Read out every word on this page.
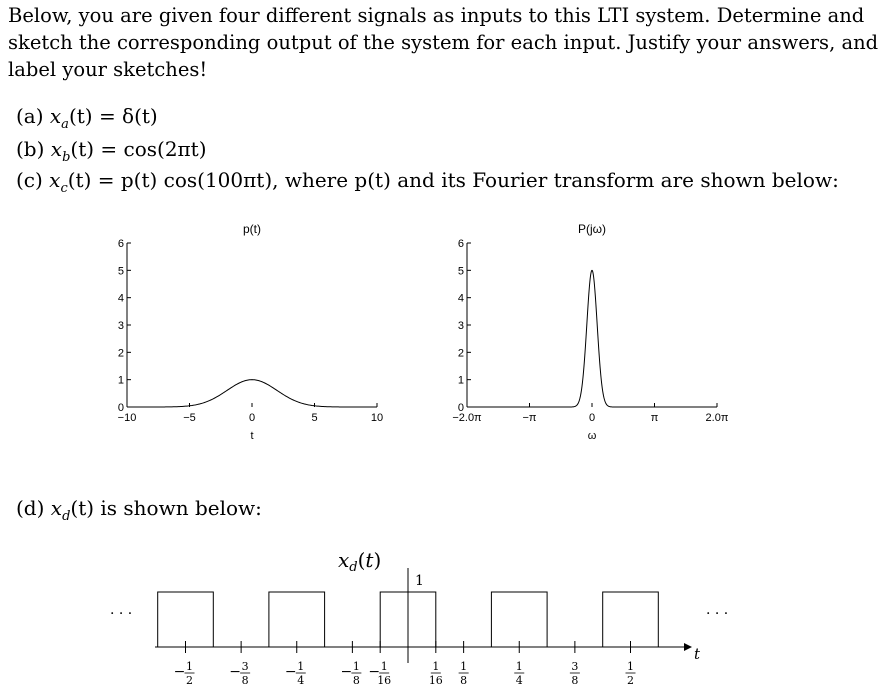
Below, you are given four different signals as inputs to this LTI system. Determine and sketch the corresponding output of the system for each input. Justify your answers, and label your sketches!
(a) $x_a(t) = \delta(t)$
(b) $x_b(t) = \cos(2\pi t)$
(c) $x_c(t) = p(t)$ cos(100πt), where p(t) and its Fourier transform are shown below:
(d) $x_d(t)$ is shown below:
p(t)
t
0
1
2
3
4
5
6
−10	−5	0	5	10
P(jω)
ω
0
1
2
3
4
5
6
−2.0π	−π	0	π	2.0π
$x_d(t)$
1
t
· · ·	· · ·
− 1
2
− 3
8
− 1
4
− 1
8
− 1
16
1
16
1
8
1
4
3
8
1
2
